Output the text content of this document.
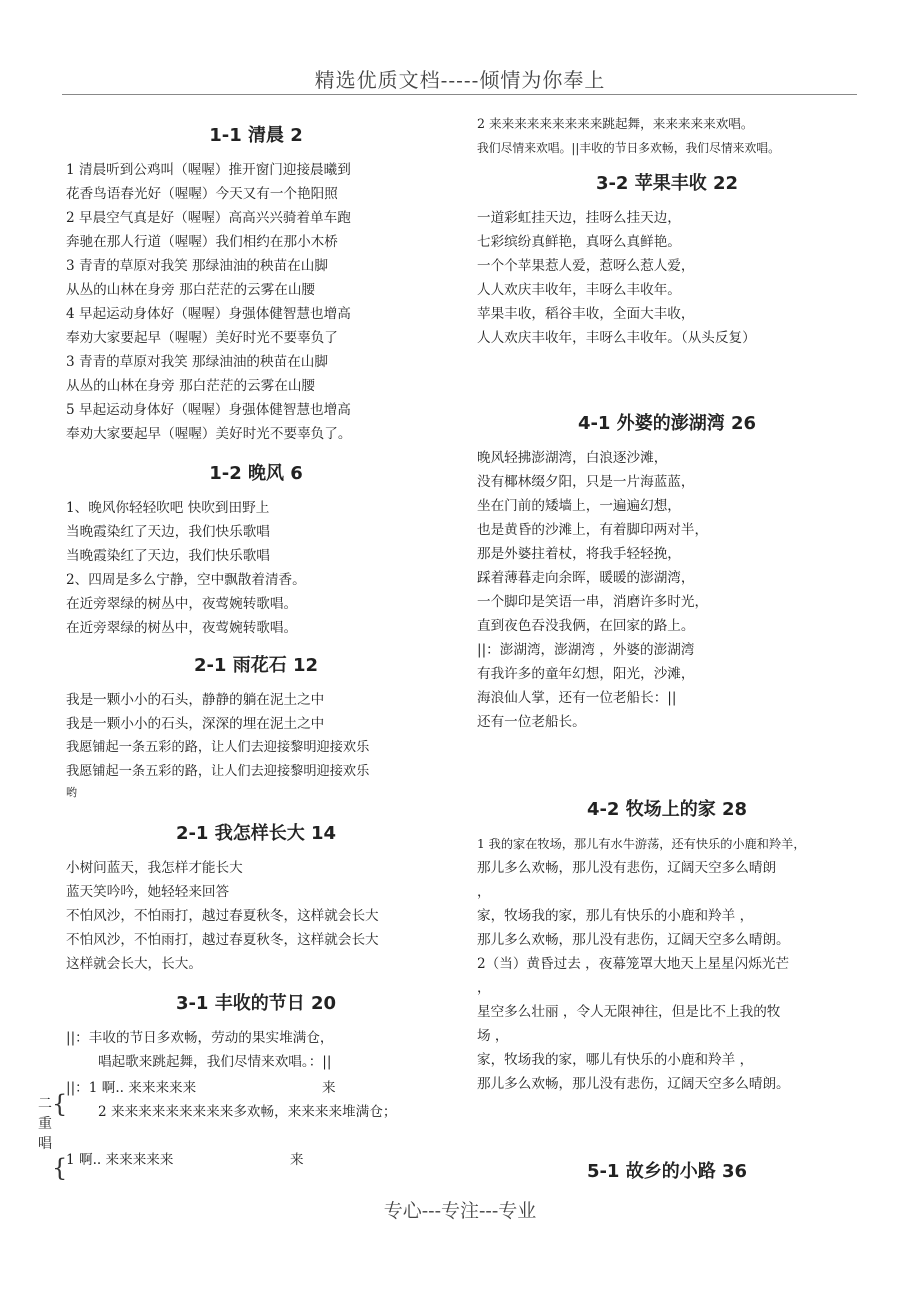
精选优质文档-----倾情为你奉上
1-1 清晨 2
1 清晨听到公鸡叫（喔喔）推开窗门迎接晨曦到
花香鸟语春光好（喔喔）今天又有一个艳阳照
2 早晨空气真是好（喔喔）高高兴兴骑着单车跑
奔驰在那人行道（喔喔）我们相约在那小木桥
3 青青的草原对我笑 那绿油油的秧苗在山脚
从丛的山林在身旁 那白茫茫的云雾在山腰
4 早起运动身体好（喔喔）身强体健智慧也增高
奉劝大家要起早（喔喔）美好时光不要辜负了
3 青青的草原对我笑 那绿油油的秧苗在山脚
从丛的山林在身旁 那白茫茫的云雾在山腰
5 早起运动身体好（喔喔）身强体健智慧也增高
奉劝大家要起早（喔喔）美好时光不要辜负了。
1-2 晚风 6
1、晚风你轻轻吹吧 快吹到田野上
当晚霞染红了天边，我们快乐歌唱
当晚霞染红了天边，我们快乐歌唱
2、四周是多么宁静，空中飘散着清香。
在近旁翠绿的树丛中，夜莺婉转歌唱。
在近旁翠绿的树丛中，夜莺婉转歌唱。
2-1 雨花石 12
我是一颗小小的石头，静静的躺在泥土之中
我是一颗小小的石头，深深的埋在泥土之中
我愿铺起一条五彩的路，让人们去迎接黎明迎接欢乐
我愿铺起一条五彩的路，让人们去迎接黎明迎接欢乐
哟
2-1 我怎样长大 14
小树问蓝天，我怎样才能长大
蓝天笑吟吟，她轻轻来回答
不怕风沙，不怕雨打，越过春夏秋冬，这样就会长大
不怕风沙，不怕雨打，越过春夏秋冬，这样就会长大
这样就会长大，长大。
3-1 丰收的节日 20
||：丰收的节日多欢畅，劳动的果实堆满仓，
唱起歌来跳起舞，我们尽情来欢唱。：||
二重唱
{
||：1 啊.. 来来来来来	来
2 来来来来来来来来来多欢畅，来来来来堆满仓；
{
1 啊.. 来来来来来	来
2 来来来来来来来来来跳起舞，来来来来来欢唱。
我们尽情来欢唱。||丰收的节日多欢畅，我们尽情来欢唱。
3-2 苹果丰收 22
一道彩虹挂天边，挂呀么挂天边，
七彩缤纷真鲜艳，真呀么真鲜艳。
一个个苹果惹人爱，惹呀么惹人爱，
人人欢庆丰收年，丰呀么丰收年。
苹果丰收，稻谷丰收，全面大丰收，
人人欢庆丰收年，丰呀么丰收年。（从头反复）
4-1 外婆的澎湖湾 26
晚风轻拂澎湖湾，白浪逐沙滩，
没有椰林缀夕阳，只是一片海蓝蓝，
坐在门前的矮墙上，一遍遍幻想，
也是黄昏的沙滩上，有着脚印两对半，
那是外婆拄着杖，将我手轻轻挽，
踩着薄暮走向余晖，暖暖的澎湖湾，
一个脚印是笑语一串，消磨许多时光，
直到夜色吞没我俩，在回家的路上。
||：澎湖湾，澎湖湾 ，外婆的澎湖湾
有我许多的童年幻想，阳光，沙滩，
海浪仙人掌，还有一位老船长：||
还有一位老船长。
4-2 牧场上的家 28
1 我的家在牧场，那儿有水牛游荡，还有快乐的小鹿和羚羊，
那儿多么欢畅，那儿没有悲伤，辽阔天空多么晴朗
，
家，牧场我的家，那儿有快乐的小鹿和羚羊 ，
那儿多么欢畅，那儿没有悲伤，辽阔天空多么晴朗。
2（当）黄昏过去 ，夜幕笼罩大地天上星星闪烁光芒
，
星空多么壮丽 ，令人无限神往，但是比不上我的牧
场 ，
家，牧场我的家，哪儿有快乐的小鹿和羚羊 ，
那儿多么欢畅，那儿没有悲伤，辽阔天空多么晴朗。
5-1 故乡的小路 36
专心---专注---专业
